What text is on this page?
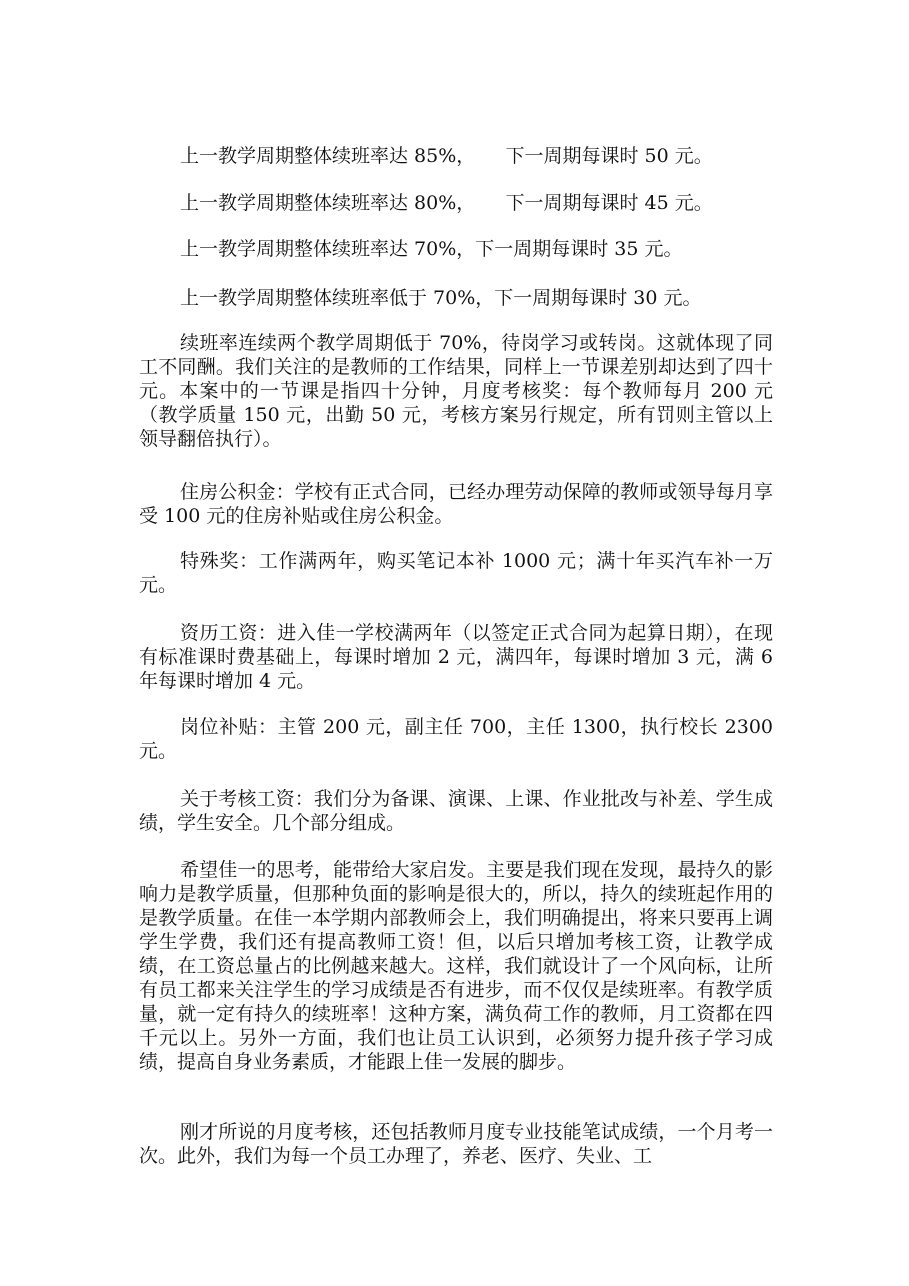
上一教学周期整体续班率达 85%，     下一周期每课时 50 元。
上一教学周期整体续班率达 80%，     下一周期每课时 45 元。
上一教学周期整体续班率达 70%，下一周期每课时 35 元。
上一教学周期整体续班率低于 70%，下一周期每课时 30 元。

续班率连续两个教学周期低于 70%，待岗学习或转岗。这就体现了同工不同酬。我们关注的是教师的工作结果，同样上一节课差别却达到了四十元。本案中的一节课是指四十分钟，月度考核奖：每个教师每月 200 元（教学质量 150 元，出勤 50 元，考核方案另行规定，所有罚则主管以上领导翻倍执行）。

住房公积金：学校有正式合同，已经办理劳动保障的教师或领导每月享受 100 元的住房补贴或住房公积金。

特殊奖：工作满两年，购买笔记本补 1000 元；满十年买汽车补一万元。

资历工资：进入佳一学校满两年（以签定正式合同为起算日期），在现有标准课时费基础上，每课时增加 2 元，满四年，每课时增加 3 元，满 6 年每课时增加 4 元。

岗位补贴：主管 200 元，副主任 700，主任 1300，执行校长 2300 元。

关于考核工资：我们分为备课、演课、上课、作业批改与补差、学生成绩，学生安全。几个部分组成。

希望佳一的思考，能带给大家启发。主要是我们现在发现，最持久的影响力是教学质量，但那种负面的影响是很大的，所以，持久的续班起作用的是教学质量。在佳一本学期内部教师会上，我们明确提出，将来只要再上调学生学费，我们还有提高教师工资！但，以后只增加考核工资，让教学成绩，在工资总量占的比例越来越大。这样，我们就设计了一个风向标，让所有员工都来关注学生的学习成绩是否有进步，而不仅仅是续班率。有教学质量，就一定有持久的续班率！这种方案，满负荷工作的教师，月工资都在四千元以上。另外一方面，我们也让员工认识到，必须努力提升孩子学习成绩，提高自身业务素质，才能跟上佳一发展的脚步。

刚才所说的月度考核，还包括教师月度专业技能笔试成绩，一个月考一次。此外，我们为每一个员工办理了，养老、医疗、失业、工
